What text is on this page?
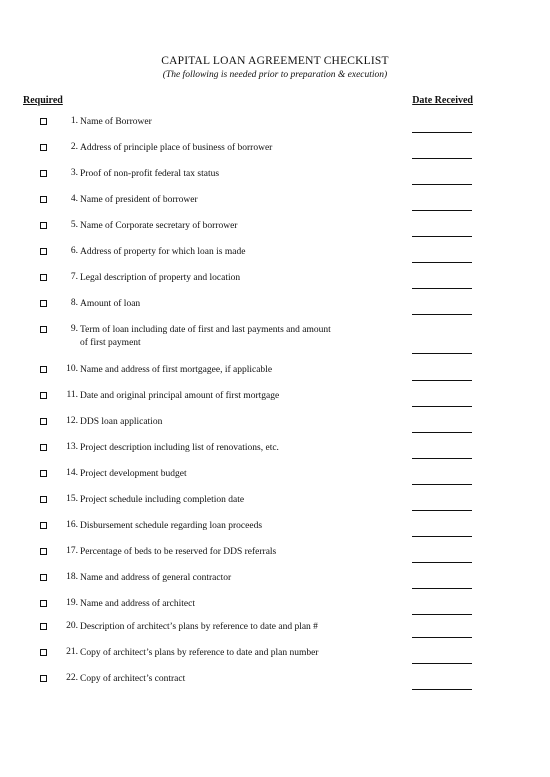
CAPITAL LOAN AGREEMENT CHECKLIST
(The following is needed prior to preparation & execution)
Required	Date Received
1. Name of Borrower
2. Address of principle place of business of borrower
3. Proof of non-profit federal tax status
4. Name of president of borrower
5. Name of Corporate secretary of borrower
6. Address of property for which loan is made
7. Legal description of property and location
8. Amount of loan
9. Term of loan including date of first and last payments and amount
of first payment
10. Name and address of first mortgagee, if applicable
11. Date and original principal amount of first mortgage
12. DDS loan application
13. Project description including list of renovations, etc.
14. Project development budget
15. Project schedule including completion date
16. Disbursement schedule regarding loan proceeds
17. Percentage of beds to be reserved for DDS referrals
18. Name and address of general contractor
19. Name and address of architect
20. Description of architect’s plans by reference to date and plan #
21. Copy of architect’s plans by reference to date and plan number
22. Copy of architect’s contract
